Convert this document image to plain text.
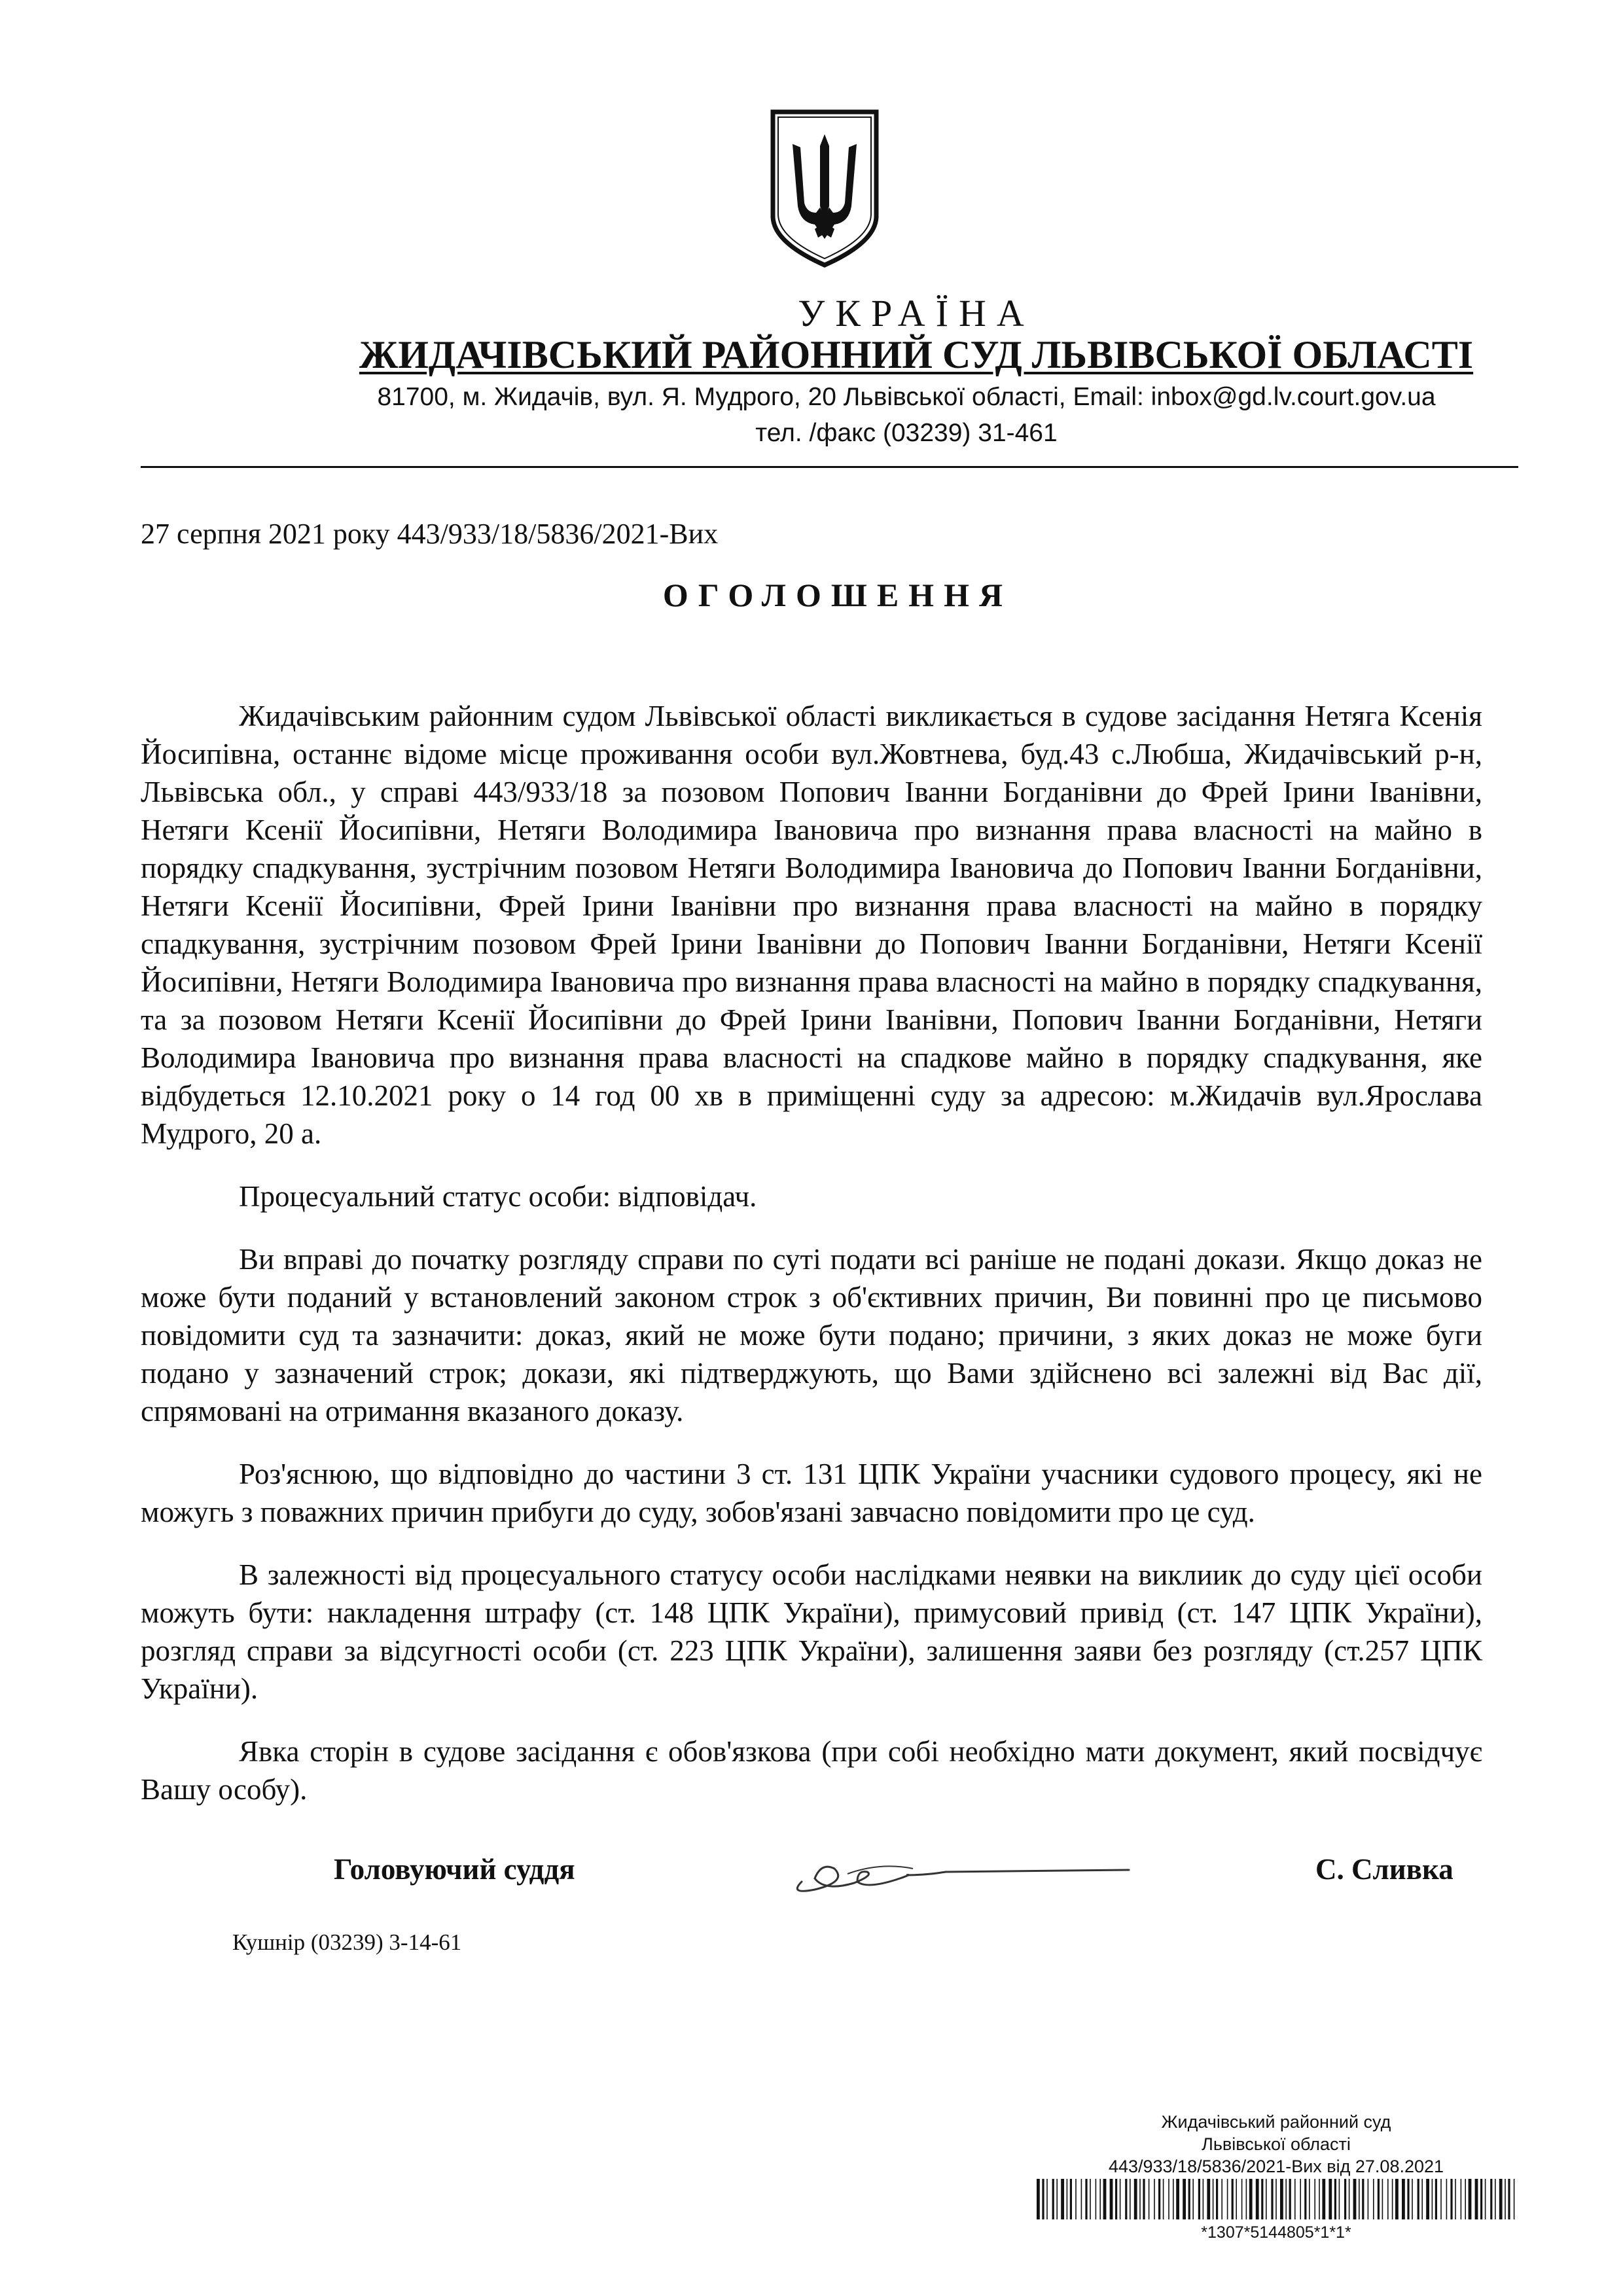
УКРАЇНА
ЖИДАЧІВСЬКИЙ РАЙОННИЙ СУД ЛЬВІВСЬКОЇ ОБЛАСТІ
81700, м. Жидачів, вул. Я. Мудрого, 20 Львівської області, Email: inbox@gd.lv.court.gov.ua
тел. /факс (03239) 31-461
27 серпня 2021 року 443/933/18/5836/2021-Вих
ОГОЛОШЕННЯ

Жидачівським районним судом Львівської області викликається в судове засідання Нетяга Ксенія Йосипівна, останнє відоме місце проживання особи вул.Жовтнева, буд.43 с.Любша, Жидачівський р-н, Львівська обл., у справі 443/933/18 за позовом Попович Іванни Богданівни до Фрей Ірини Іванівни, Нетяги Ксенії Йосипівни, Нетяги Володимира Івановича про визнання права власності на майно в порядку спадкування, зустрічним позовом Нетяги Володимира Івановича до Попович Іванни Богданівни, Нетяги Ксенії Йосипівни, Фрей Ірини Іванівни про визнання права власності на майно в порядку спадкування, зустрічним позовом Фрей Ірини Іванівни до Попович Іванни Богданівни, Нетяги Ксенії Йосипівни, Нетяги Володимира Івановича про визнання права власності на майно в порядку спадкування, та за позовом Нетяги Ксенії Йосипівни до Фрей Ірини Іванівни, Попович Іванни Богданівни, Нетяги Володимира Івановича про визнання права власності на спадкове майно в порядку спадкування, яке відбудеться 12.10.2021 року о 14 год 00 хв в приміщенні суду за адресою: м.Жидачів вул.Ярослава Мудрого, 20 а.

Процесуальний статус особи: відповідач.

Ви вправі до початку розгляду справи по суті подати всі раніше не подані докази. Якщо доказ не може бути поданий у встановлений законом строк з об'єктивних причин, Ви повинні про це письмово повідомити суд та зазначити: доказ, який не може бути подано; причини, з яких доказ не може буги подано у зазначений строк; докази, які підтверджують, що Вами здійснено всі залежні від Вас дії, спрямовані на отримання вказаного доказу.

Роз'яснюю, що відповідно до частини 3 ст. 131 ЦПК України учасники судового процесу, які не можугь з поважних причин прибуги до суду, зобов'язані завчасно повідомити про це суд.

В залежності від процесуального статусу особи наслідками неявки на виклиик до суду цієї особи можуть бути: накладення штрафу (ст. 148 ЦПК України), примусовий привід (ст. 147 ЦПК України), розгляд справи за відсугності особи (ст. 223 ЦПК України), залишення заяви без розгляду (ст.257 ЦПК України).

Явка сторін в судове засідання є обов'язкова (при собі необхідно мати документ, який посвідчує Вашу особу).

Головуючий суддя	С. Сливка
Кушнір (03239) 3-14-61
Жидачівський районний суд
Львівської області
443/933/18/5836/2021-Вих від 27.08.2021
*1307*5144805*1*1*
